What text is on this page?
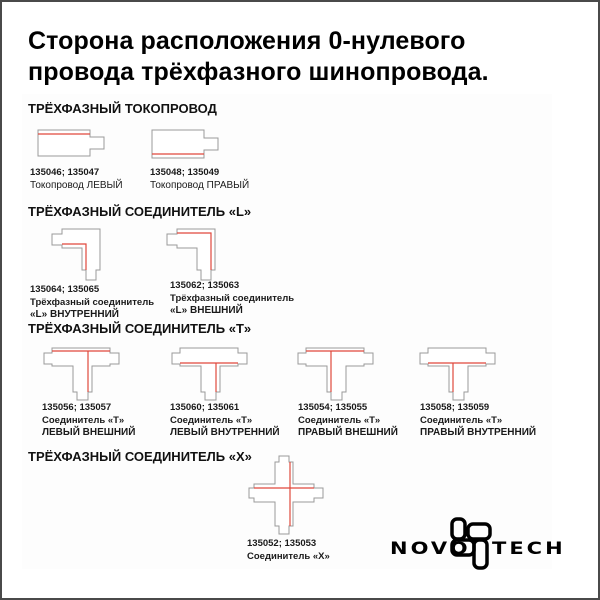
Сторона расположения 0-нулевого
провода трёхфазного шинопровода.
ТРЁХФАЗНЫЙ ТОКОПРОВОД
135046; 135047
Токопровод ЛЕВЫЙ
135048; 135049
Токопровод ПРАВЫЙ
ТРЁХФАЗНЫЙ СОЕДИНИТЕЛЬ «L»
135064; 135065
Трёхфазный соединитель
«L» ВНУТРЕННИЙ
135062; 135063
Трёхфазный соединитель
«L» ВНЕШНИЙ
ТРЁХФАЗНЫЙ СОЕДИНИТЕЛЬ «Т»
135056; 135057
Соединитель «Т»
ЛЕВЫЙ ВНЕШНИЙ
135060; 135061
Соединитель «Т»
ЛЕВЫЙ ВНУТРЕННИЙ
135054; 135055
Соединитель «Т»
ПРАВЫЙ ВНЕШНИЙ
135058; 135059
Соединитель «Т»
ПРАВЫЙ ВНУТРЕННИЙ
ТРЁХФАЗНЫЙ СОЕДИНИТЕЛЬ «X»
135052; 135053
Соединитель «X»	NOVO TECH
